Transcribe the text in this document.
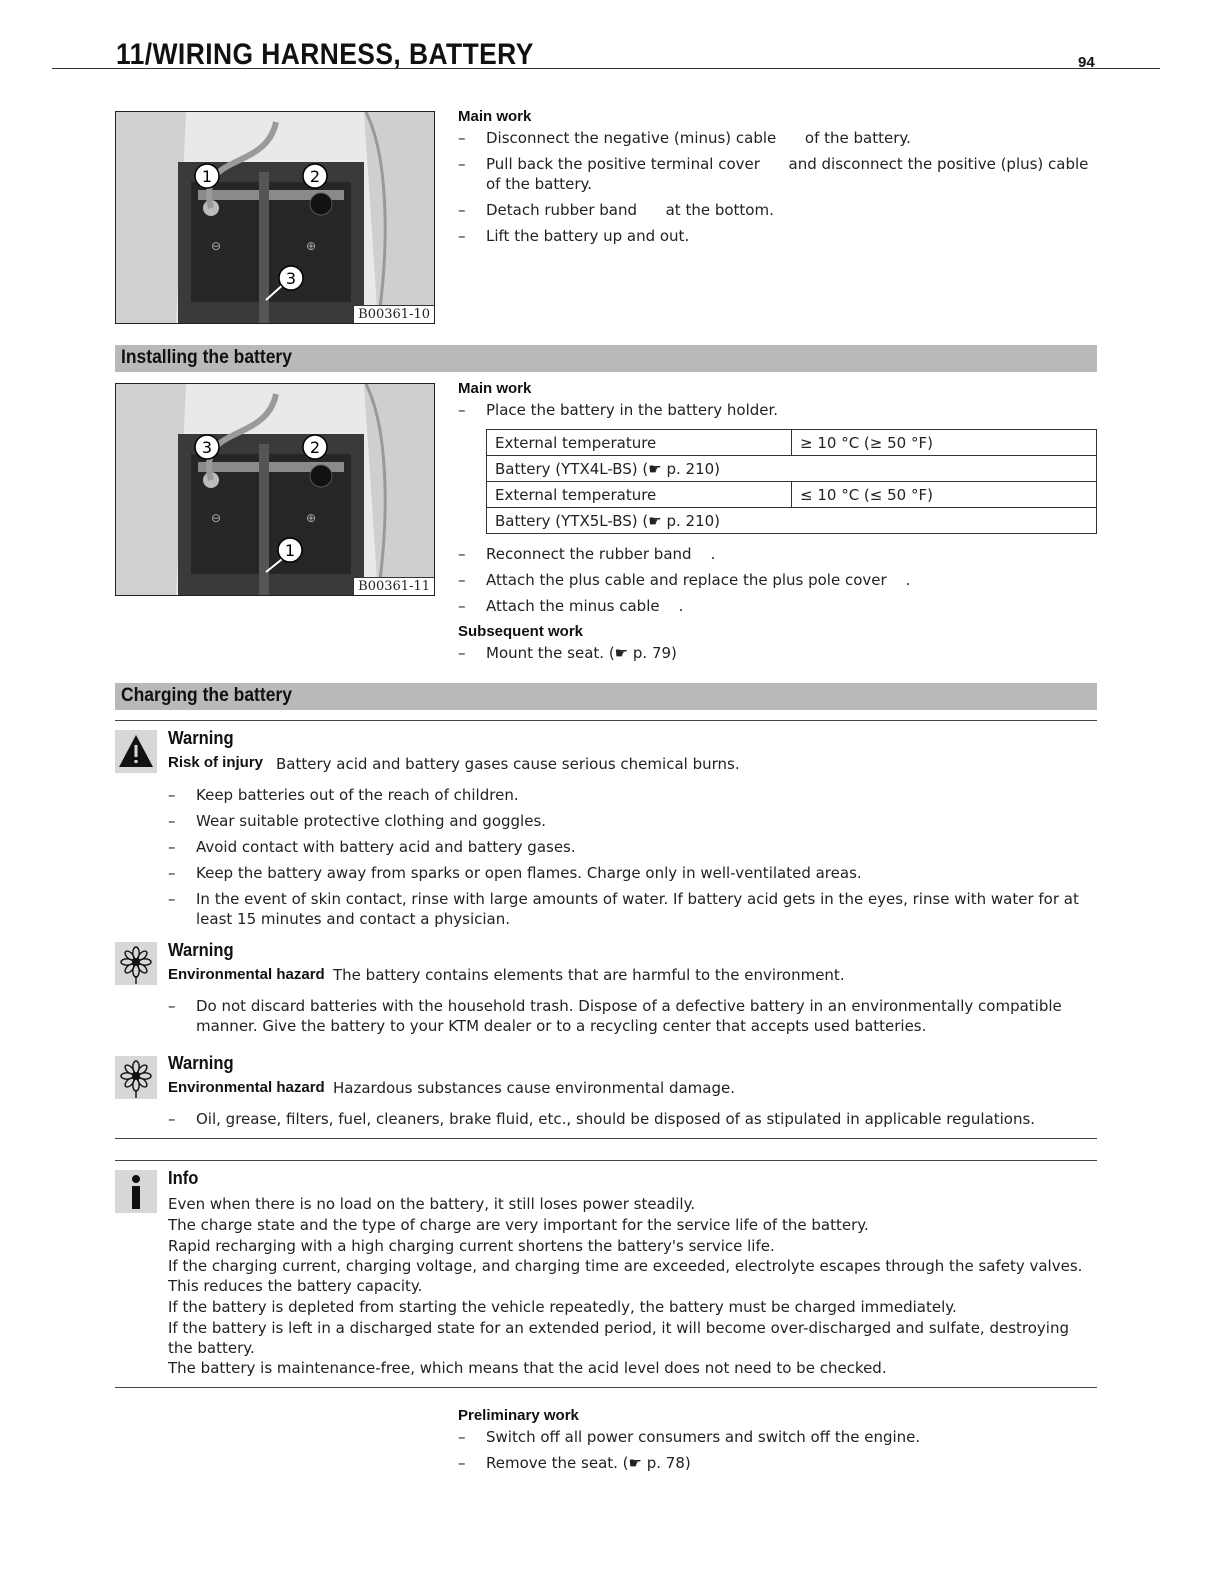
11/WIRING HARNESS, BATTERY	94
⊖	⊕
1	2
3
B00361-10
Main work
– Disconnect the negative (minus) cable      of the battery.
– Pull back the positive terminal cover      and disconnect the positive (plus) cable of the battery.
– Detach rubber band      at the bottom.
– Lift the battery up and out.
Installing the battery
⊖	⊕
3	2
1
B00361-11
Main work
– Place the battery in the battery holder.
External temperature	≥ 10 °C (≥ 50 °F)
Battery (YTX4L-BS) (☛ p. 210)	
External temperature	≤ 10 °C (≤ 50 °F)
Battery (YTX5L-BS) (☛ p. 210)	
– Reconnect the rubber band    .
– Attach the plus cable and replace the plus pole cover    .
– Attach the minus cable    .
Subsequent work
– Mount the seat. (☛ p. 79)
Charging the battery
Warning
Risk of injury Battery acid and battery gases cause serious chemical burns.
– Keep batteries out of the reach of children.
– Wear suitable protective clothing and goggles.
– Avoid contact with battery acid and battery gases.
– Keep the battery away from sparks or open flames. Charge only in well-ventilated areas.
– In the event of skin contact, rinse with large amounts of water. If battery acid gets in the eyes, rinse with water for at least 15 minutes and contact a physician.
Warning
Environmental hazard The battery contains elements that are harmful to the environment.
– Do not discard batteries with the household trash. Dispose of a defective battery in an environmentally compatible manner. Give the battery to your KTM dealer or to a recycling center that accepts used batteries.
Warning
Environmental hazard Hazardous substances cause environmental damage.
– Oil, grease, filters, fuel, cleaners, brake fluid, etc., should be disposed of as stipulated in applicable regulations.
Info
Even when there is no load on the battery, it still loses power steadily.
The charge state and the type of charge are very important for the service life of the battery.
Rapid recharging with a high charging current shortens the battery's service life.
If the charging current, charging voltage, and charging time are exceeded, electrolyte escapes through the safety valves. This reduces the battery capacity.
If the battery is depleted from starting the vehicle repeatedly, the battery must be charged immediately.
If the battery is left in a discharged state for an extended period, it will become over-discharged and sulfate, destroying the battery.
The battery is maintenance-free, which means that the acid level does not need to be checked.
Preliminary work
– Switch off all power consumers and switch off the engine.
– Remove the seat. (☛ p. 78)
